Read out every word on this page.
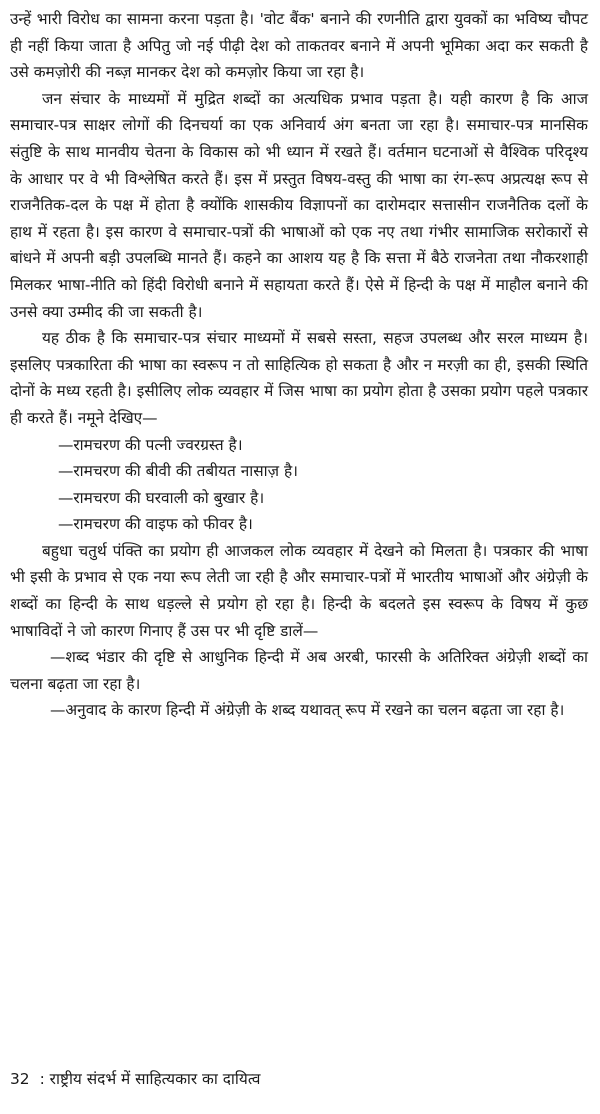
उन्हें भारी विरोध का सामना करना पड़ता है। 'वोट बैंक' बनाने की रणनीति द्वारा युवकों का भविष्य चौपट ही नहीं किया जाता है अपितु जो नई पीढ़ी देश को ताकतवर बनाने में अपनी भूमिका अदा कर सकती है उसे कमज़ोरी की नब्ज़ मानकर देश को कमज़ोर किया जा रहा है।

जन संचार के माध्यमों में मुद्रित शब्दों का अत्यधिक प्रभाव पड़ता है। यही कारण है कि आज समाचार-पत्र साक्षर लोगों की दिनचर्या का एक अनिवार्य अंग बनता जा रहा है। समाचार-पत्र मानसिक संतुष्टि के साथ मानवीय चेतना के विकास को भी ध्यान में रखते हैं। वर्तमान घटनाओं से वैश्विक परिदृश्य के आधार पर वे भी विश्लेषित करते हैं। इस में प्रस्तुत विषय-वस्तु की भाषा का रंग-रूप अप्रत्यक्ष रूप से राजनैतिक-दल के पक्ष में होता है क्योंकि शासकीय विज्ञापनों का दारोमदार सत्तासीन राजनैतिक दलों के हाथ में रहता है। इस कारण वे समाचार-पत्रों की भाषाओं को एक नए तथा गंभीर सामाजिक सरोकारों से बांधने में अपनी बड़ी उपलब्धि मानते हैं। कहने का आशय यह है कि सत्ता में बैठे राजनेता तथा नौकरशाही मिलकर भाषा-नीति को हिंदी विरोधी बनाने में सहायता करते हैं। ऐसे में हिन्दी के पक्ष में माहौल बनाने की उनसे क्या उम्मीद की जा सकती है।

यह ठीक है कि समाचार-पत्र संचार माध्यमों में सबसे सस्ता, सहज उपलब्ध और सरल माध्यम है। इसलिए पत्रकारिता की भाषा का स्वरूप न तो साहित्यिक हो सकता है और न मरज़ी का ही, इसकी स्थिति दोनों के मध्य रहती है। इसीलिए लोक व्यवहार में जिस भाषा का प्रयोग होता है उसका प्रयोग पहले पत्रकार ही करते हैं। नमूने देखिए—

—रामचरण की पत्नी ज्वरग्रस्त है।

—रामचरण की बीवी की तबीयत नासाज़ है।

—रामचरण की घरवाली को बुखार है।

—रामचरण की वाइफ को फीवर है।

बहुधा चतुर्थ पंक्ति का प्रयोग ही आजकल लोक व्यवहार में देखने को मिलता है। पत्रकार की भाषा भी इसी के प्रभाव से एक नया रूप लेती जा रही है और समाचार-पत्रों में भारतीय भाषाओं और अंग्रेज़ी के शब्दों का हिन्दी के साथ धड़ल्ले से प्रयोग हो रहा है। हिन्दी के बदलते इस स्वरूप के विषय में कुछ भाषाविदों ने जो कारण गिनाए हैं उस पर भी दृष्टि डालें—

—शब्द भंडार की दृष्टि से आधुनिक हिन्दी में अब अरबी, फारसी के अतिरिक्त अंग्रेज़ी शब्दों का चलना बढ़ता जा रहा है।

—अनुवाद के कारण हिन्दी में अंग्रेज़ी के शब्द यथावत् रूप में रखने का चलन बढ़ता जा रहा है।

32 : राष्ट्रीय संदर्भ में साहित्यकार का दायित्व
